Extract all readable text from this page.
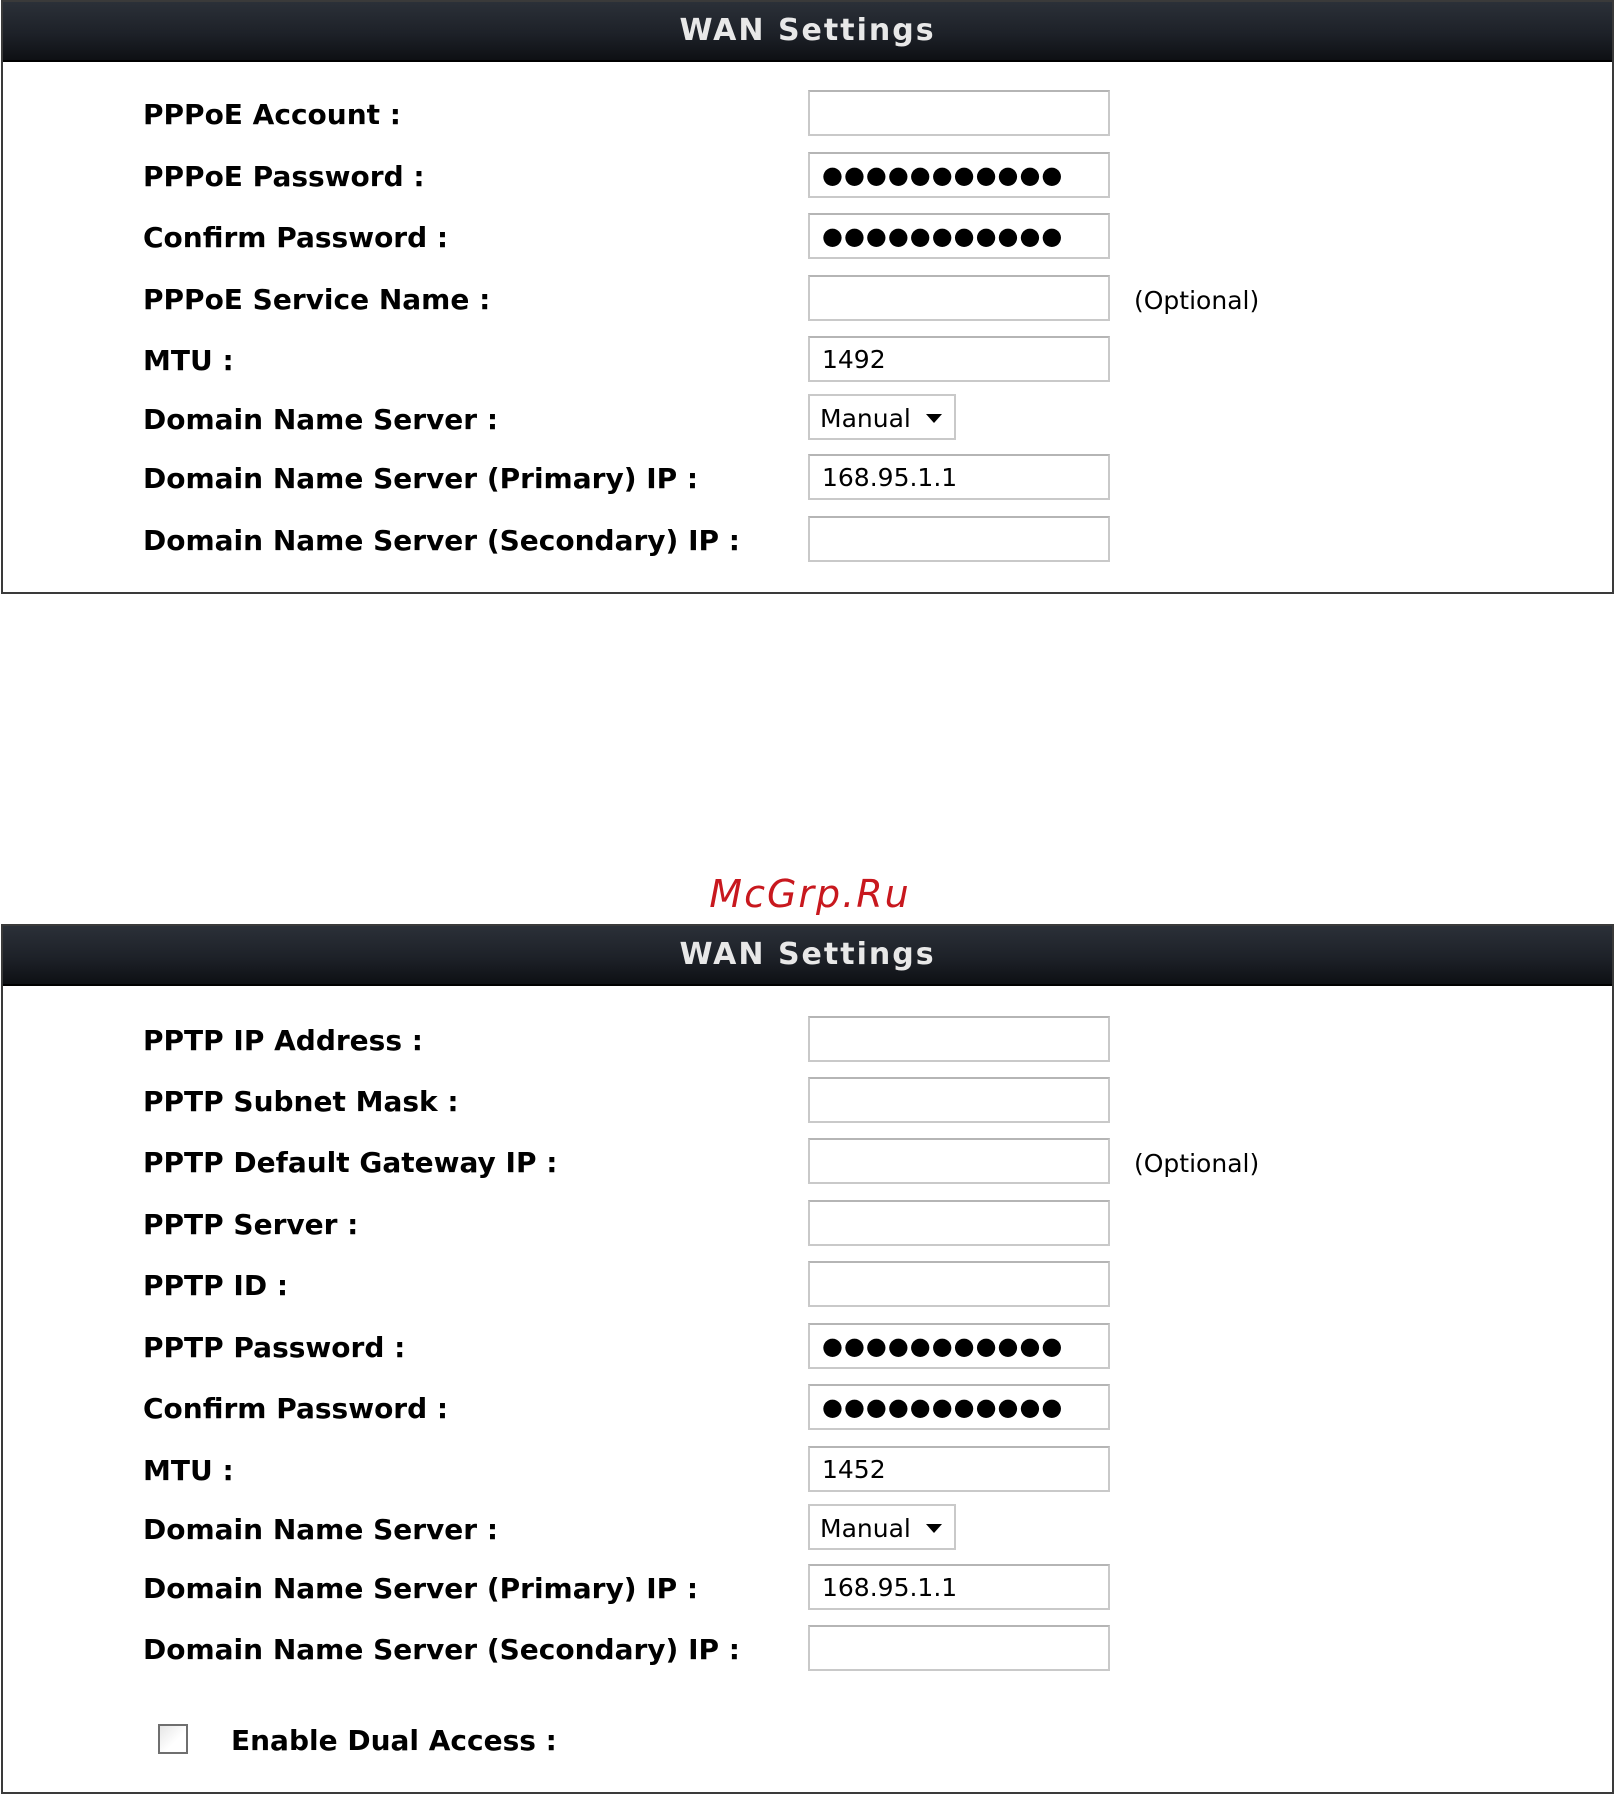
WAN Settings
PPPoE Account :
PPPoE Password :
●●●●●●●●●●●
Confirm Password :
●●●●●●●●●●●
PPPoE Service Name :	(Optional)
MTU :
1492
Domain Name Server :	Manual
Domain Name Server (Primary) IP :
168.95.1.1
Domain Name Server (Secondary) IP :
McGrp.Ru
WAN Settings
PPTP IP Address :
PPTP Subnet Mask :
PPTP Default Gateway IP :	(Optional)
PPTP Server :
PPTP ID :
PPTP Password :
●●●●●●●●●●●
Confirm Password :
●●●●●●●●●●●
MTU :
1452
Domain Name Server :	Manual
Domain Name Server (Primary) IP :
168.95.1.1
Domain Name Server (Secondary) IP :
Enable Dual Access :
